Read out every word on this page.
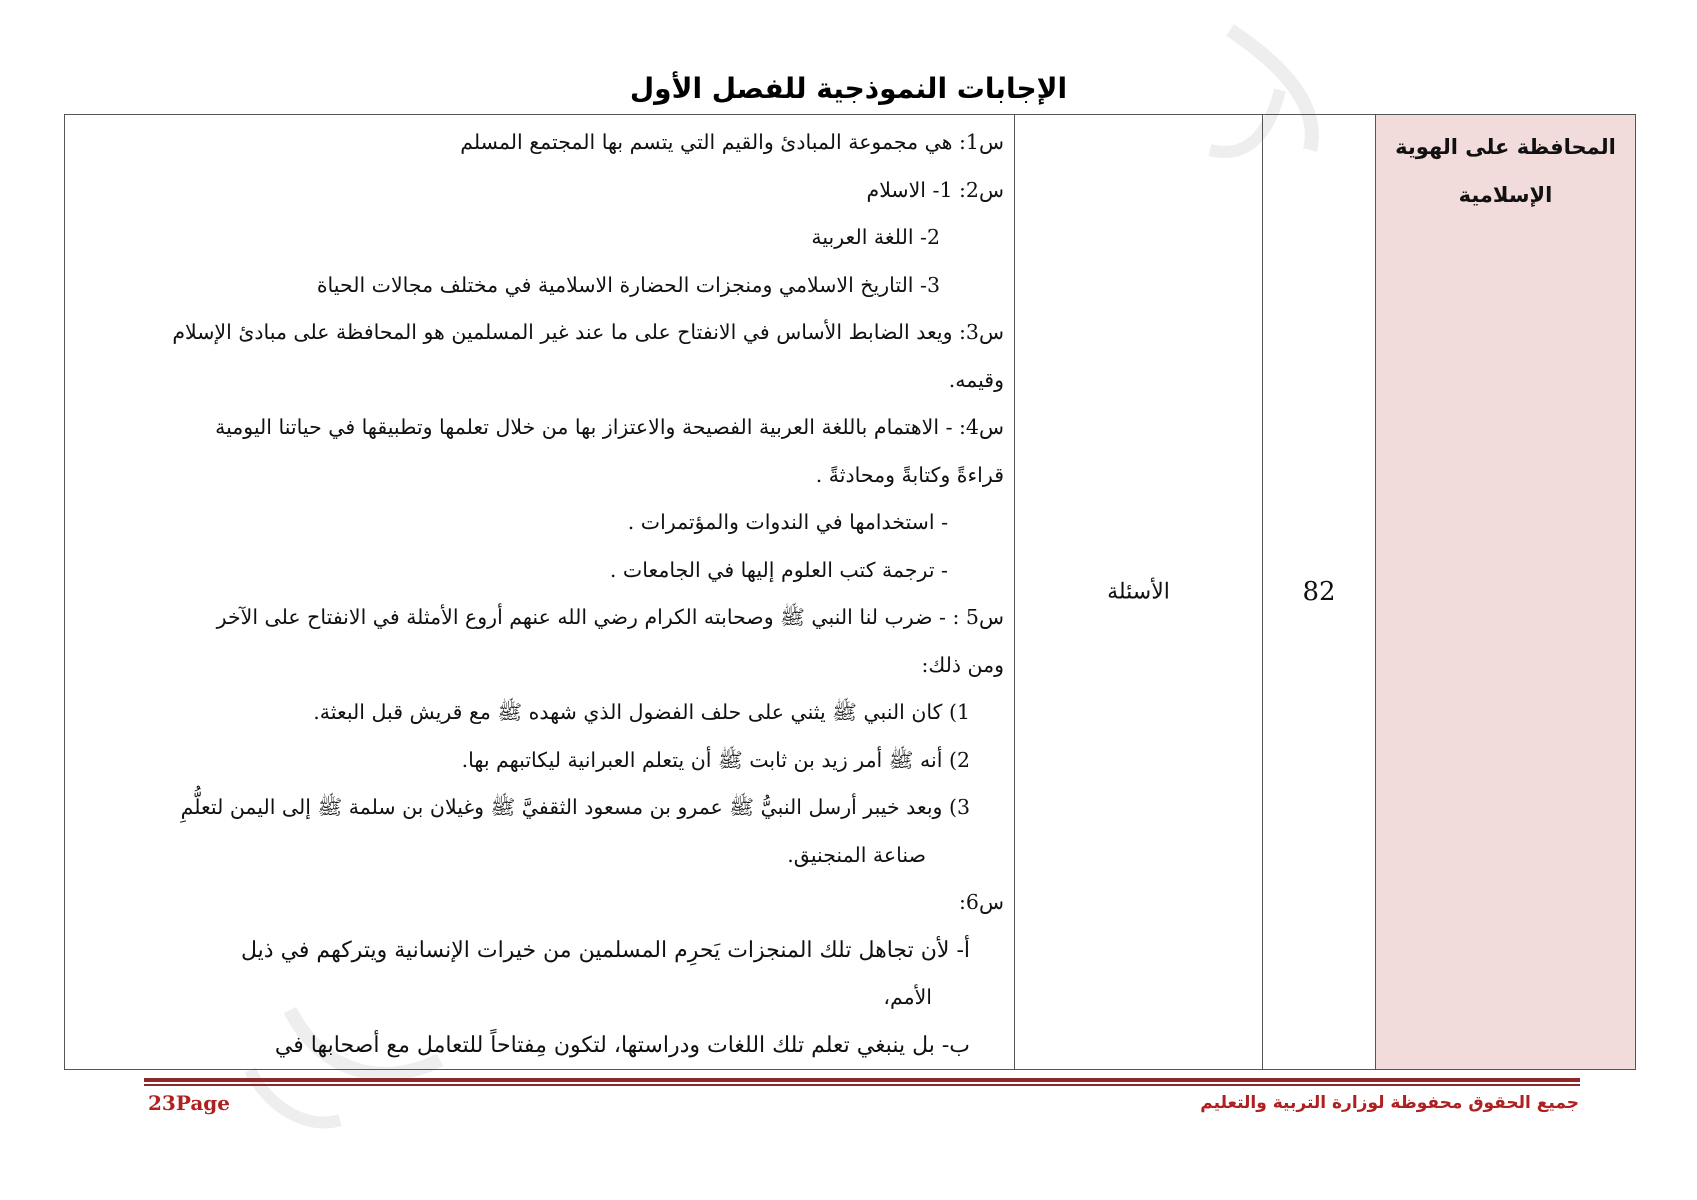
الإجابات النموذجية للفصل الأول
المحافظة على الهوية
الإسلامية
82
الأسئلة

س1: هي مجموعة المبادئ والقيم التي يتسم بها المجتمع المسلم

س2: 1- الاسلام

2- اللغة العربية

3- التاريخ الاسلامي ومنجزات الحضارة الاسلامية في مختلف مجالات الحياة

س3: ويعد الضابط الأساس في الانفتاح على ما عند غير المسلمين هو المحافظة على مبادئ الإسلام

وقيمه.

س4: - الاهتمام باللغة العربية الفصيحة والاعتزاز بها من خلال تعلمها وتطبيقها في حياتنا اليومية

قراءةً وكتابةً ومحادثةً .

- استخدامها في الندوات والمؤتمرات .

- ترجمة كتب العلوم إليها في الجامعات .

س5 : - ضرب لنا النبي ﷺ وصحابته الكرام رضي الله عنهم أروع الأمثلة في الانفتاح على الآخر

ومن ذلك:

1) كان النبي ﷺ يثني على حلف الفضول الذي شهده ﷺ مع قريش قبل البعثة.

2) أنه ﷺ أمر زيد بن ثابت ﷺ أن يتعلم العبرانية ليكاتبهم بها.

3) وبعد خيبر أرسل النبيُّ ﷺ عمرو بن مسعود الثقفيَّ ﷺ وغيلان بن سلمة ﷺ إلى اليمن لتعلُّمِ

صناعة المنجنيق.

س6:

أ- لأن تجاهل تلك المنجزات يَحرِم المسلمين من خيرات الإنسانية ويتركهم في ذيل

الأمم،

ب- بل ينبغي تعلم تلك اللغات ودراستها، لتكون مِفتاحاً للتعامل مع أصحابها في

جميع الحقوق محفوظة لوزارة التربية والتعليم
23Page
